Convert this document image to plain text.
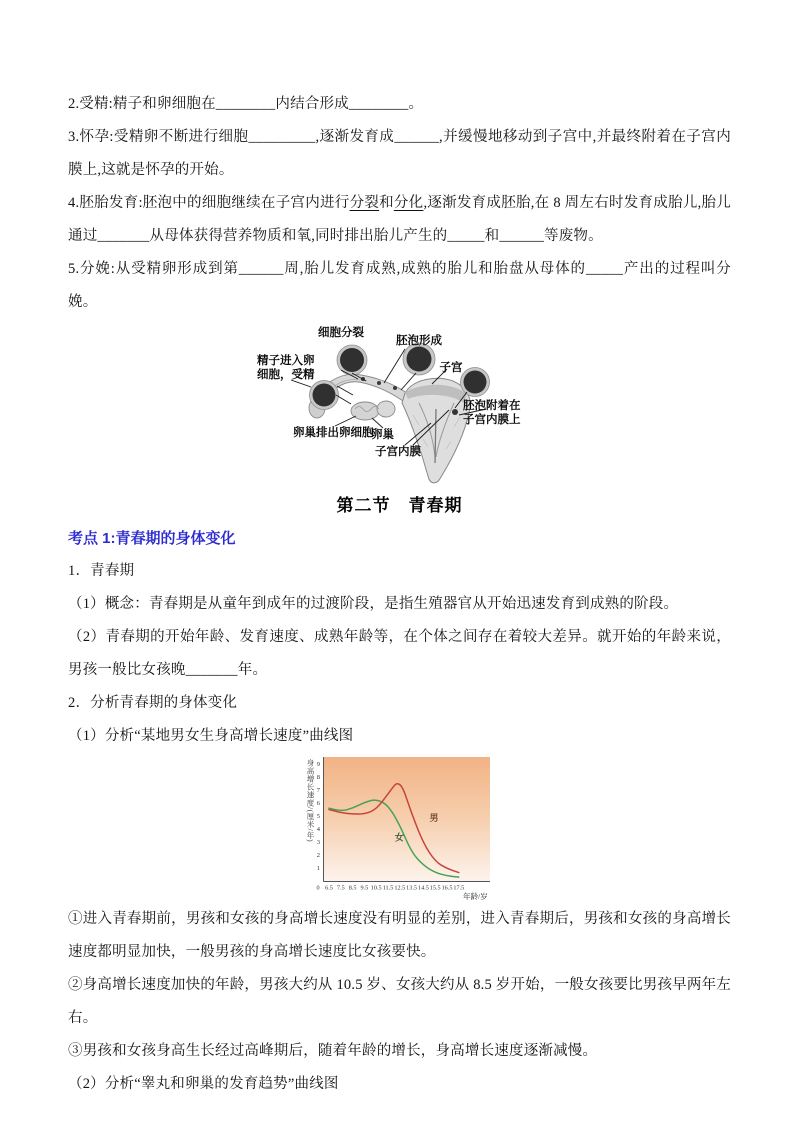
2.受精:精子和卵细胞在________内结合形成________。

3.怀孕:受精卵不断进行细胞_________,逐渐发育成______,并缓慢地移动到子宫中,并最终附着在子宫内膜上,这就是怀孕的开始。

4.胚胎发育:胚泡中的细胞继续在子宫内进行分裂和分化,逐渐发育成胚胎,在 8 周左右时发育成胎儿,胎儿通过_______从母体获得营养物质和氧,同时排出胎儿产生的_____和______等废物。

5.分娩:从受精卵形成到第______周,胎儿发育成熟,成熟的胎儿和胎盘从母体的_____产出的过程叫分娩。

细胞分裂
胚泡形成
子宫
精子进入卵
细胞，受精
胚泡附着在
子宫内膜上
卵巢排出卵细胞
卵巢
子宫内膜

第二节　青春期

考点 1:青春期的身体变化

1．青春期

（1）概念：青春期是从童年到成年的过渡阶段，是指生殖器官从开始迅速发育到成熟的阶段。

（2）青春期的开始年龄、发育速度、成熟年龄等，在个体之间存在着较大差异。就开始的年龄来说，男孩一般比女孩晚_______年。

2．分析青春期的身体变化

（1）分析“某地男女生身高增长速度”曲线图

1
2
3
4
5
6
7
8
9
0 6.5 7.5 8.5 9.5 10.5 11.5 12.5 13.5 14.5 15.5 16.5 17.5
年龄/岁
男
女
身高增长速度/(厘米/年)

①进入青春期前，男孩和女孩的身高增长速度没有明显的差别，进入青春期后，男孩和女孩的身高增长速度都明显加快，一般男孩的身高增长速度比女孩要快。

②身高增长速度加快的年龄，男孩大约从 10.5 岁、女孩大约从 8.5 岁开始，一般女孩要比男孩早两年左右。

③男孩和女孩身高生长经过高峰期后，随着年龄的增长，身高增长速度逐渐减慢。

（2）分析“睾丸和卵巢的发育趋势”曲线图
